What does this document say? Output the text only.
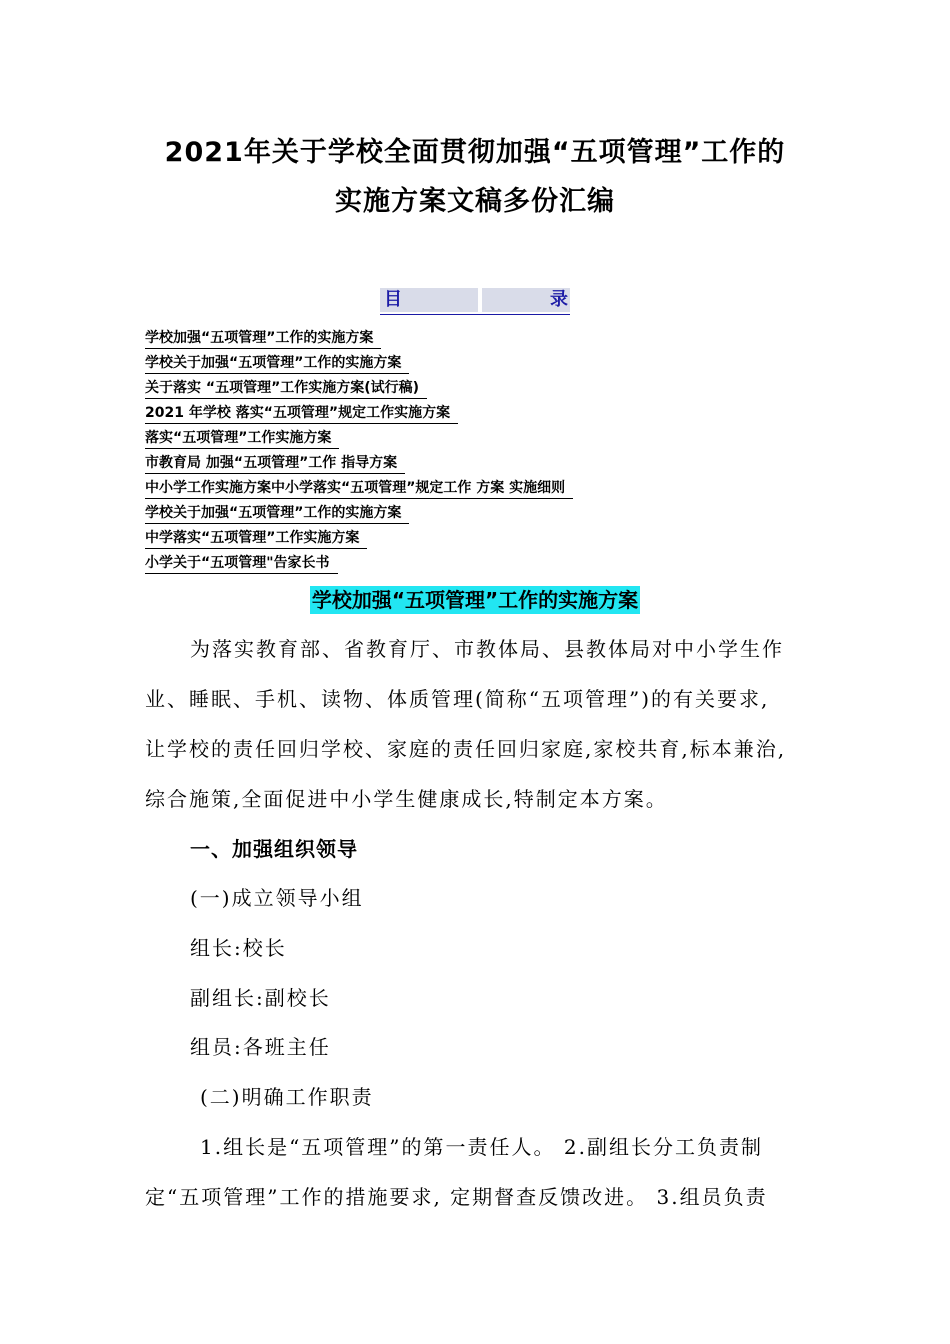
2021年关于学校全面贯彻加强“五项管理”工作的
实施方案文稿多份汇编
目	录
学校加强“五项管理”工作的实施方案
学校关于加强“五项管理”工作的实施方案
关于落实 “五项管理”工作实施方案(试行稿)
2021 年学校 落实“五项管理”规定工作实施方案
落实“五项管理”工作实施方案
市教育局 加强“五项管理”工作 指导方案
中小学工作实施方案中小学落实“五项管理”规定工作 方案 实施细则
学校关于加强“五项管理”工作的实施方案
中学落实“五项管理”工作实施方案
小学关于“五项管理"告家长书
学校加强“五项管理”工作的实施方案
为落实教育部、省教育厅、市教体局、县教体局对中小学生作
业、睡眠、手机、读物、体质管理(简称“五项管理”)的有关要求,
让学校的责任回归学校、家庭的责任回归家庭,家校共育,标本兼治,
综合施策,全面促进中小学生健康成长,特制定本方案。
一、加强组织领导
(一)成立领导小组
组长:校长
副组长:副校长
组员:各班主任
(二)明确工作职责
1.组长是“五项管理”的第一责任人。 2.副组长分工负责制
定“五项管理”工作的措施要求, 定期督查反馈改进。 3.组员负责
